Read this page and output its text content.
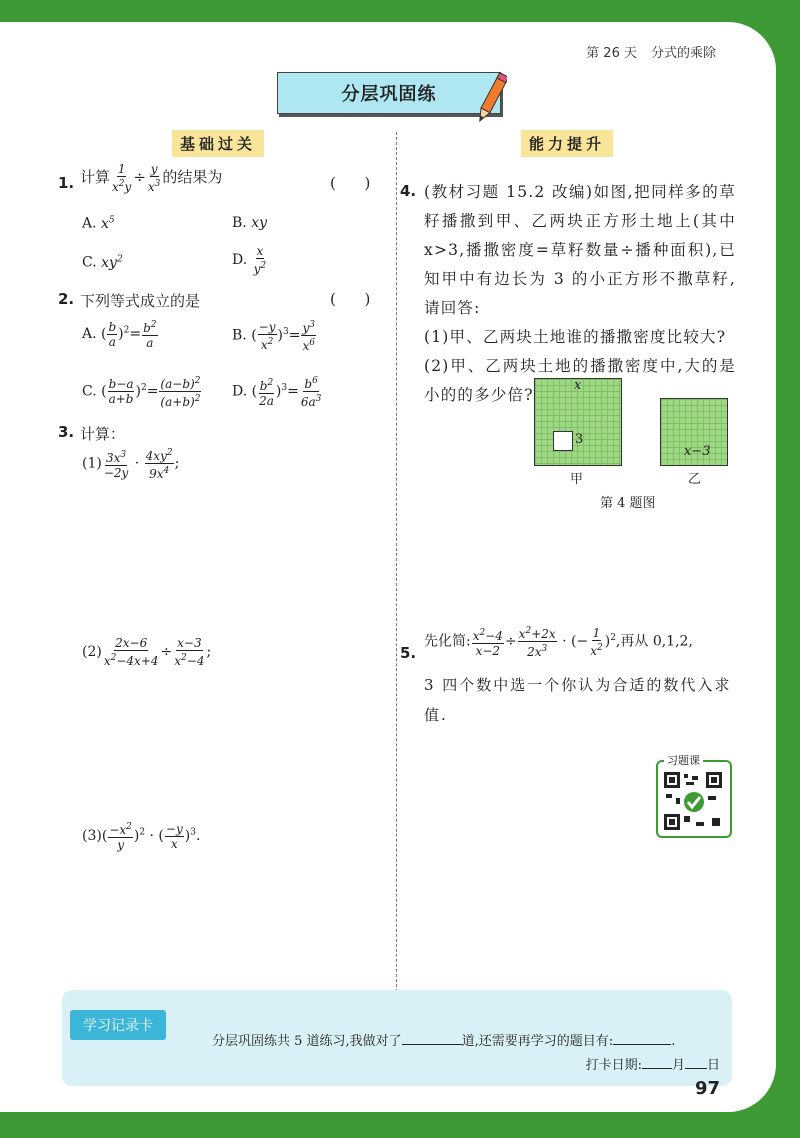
第 26 天 分式的乘除
分层巩固练
基础过关	能力提升
1. 计算 $\frac{1}{x^2y} \div \frac{y}{x^3}$ 的结果为	(      )
A. $x^5$	B. xy
C. $xy^2$	D. $\frac{x}{y^2}$
2. 下列等式成立的是	(      )
A. ( $\frac{b}{a} )^2= \frac{b^2}{a}$	B. ( $\frac{-y}{x^2} )^3= \frac{y^3}{x^6}$
C. ( $\frac{b-a}{a+b} )^2= \frac{(a-b)^2}{(a+b)^2} D$. ( $\frac{b^2}{2a} )^3= \frac{b^6}{6a^3}$
3. 计算：
$(1) \frac{3x^3}{-2y} \cdot \frac{4xy^2}{9x^4}$ ;
$(2) \frac{2x-6}{x^2-4x+4} \div \frac{x-3}{x^2-4}$ ;
$(3)( \frac{-x^2}{y} )^2$ · ( $\frac{-y}{x} )^3$.
4. (教材习题 15.2 改编)如图,把同样多的草籽播撒到甲、乙两块正方形土地上(其中 x>3,播撒密度=草籽数量÷播种面积),已知甲中有边长为 3 的小正方形不撒草籽,请回答:

(1)甲、乙两块土地谁的播撒密度比较大?

(2)甲、乙两块土地的播撒密度中,大的是小的的多少倍?

x
3
x−3
甲	乙
第 4 题图
5.
先化简: $\frac{x^2-4}{x-2} \div \frac{x^2+2x}{2x^3}$ · (− $\frac{1}{x^2} )^2$,再从 0,1,2,
3 四个数中选一个你认为合适的数代入求值.
习题课
学习记录卡
分层巩固练共 5 道练习,我做对了	道,还需要再学习的题目有:	.
打卡日期: 月 日
97
